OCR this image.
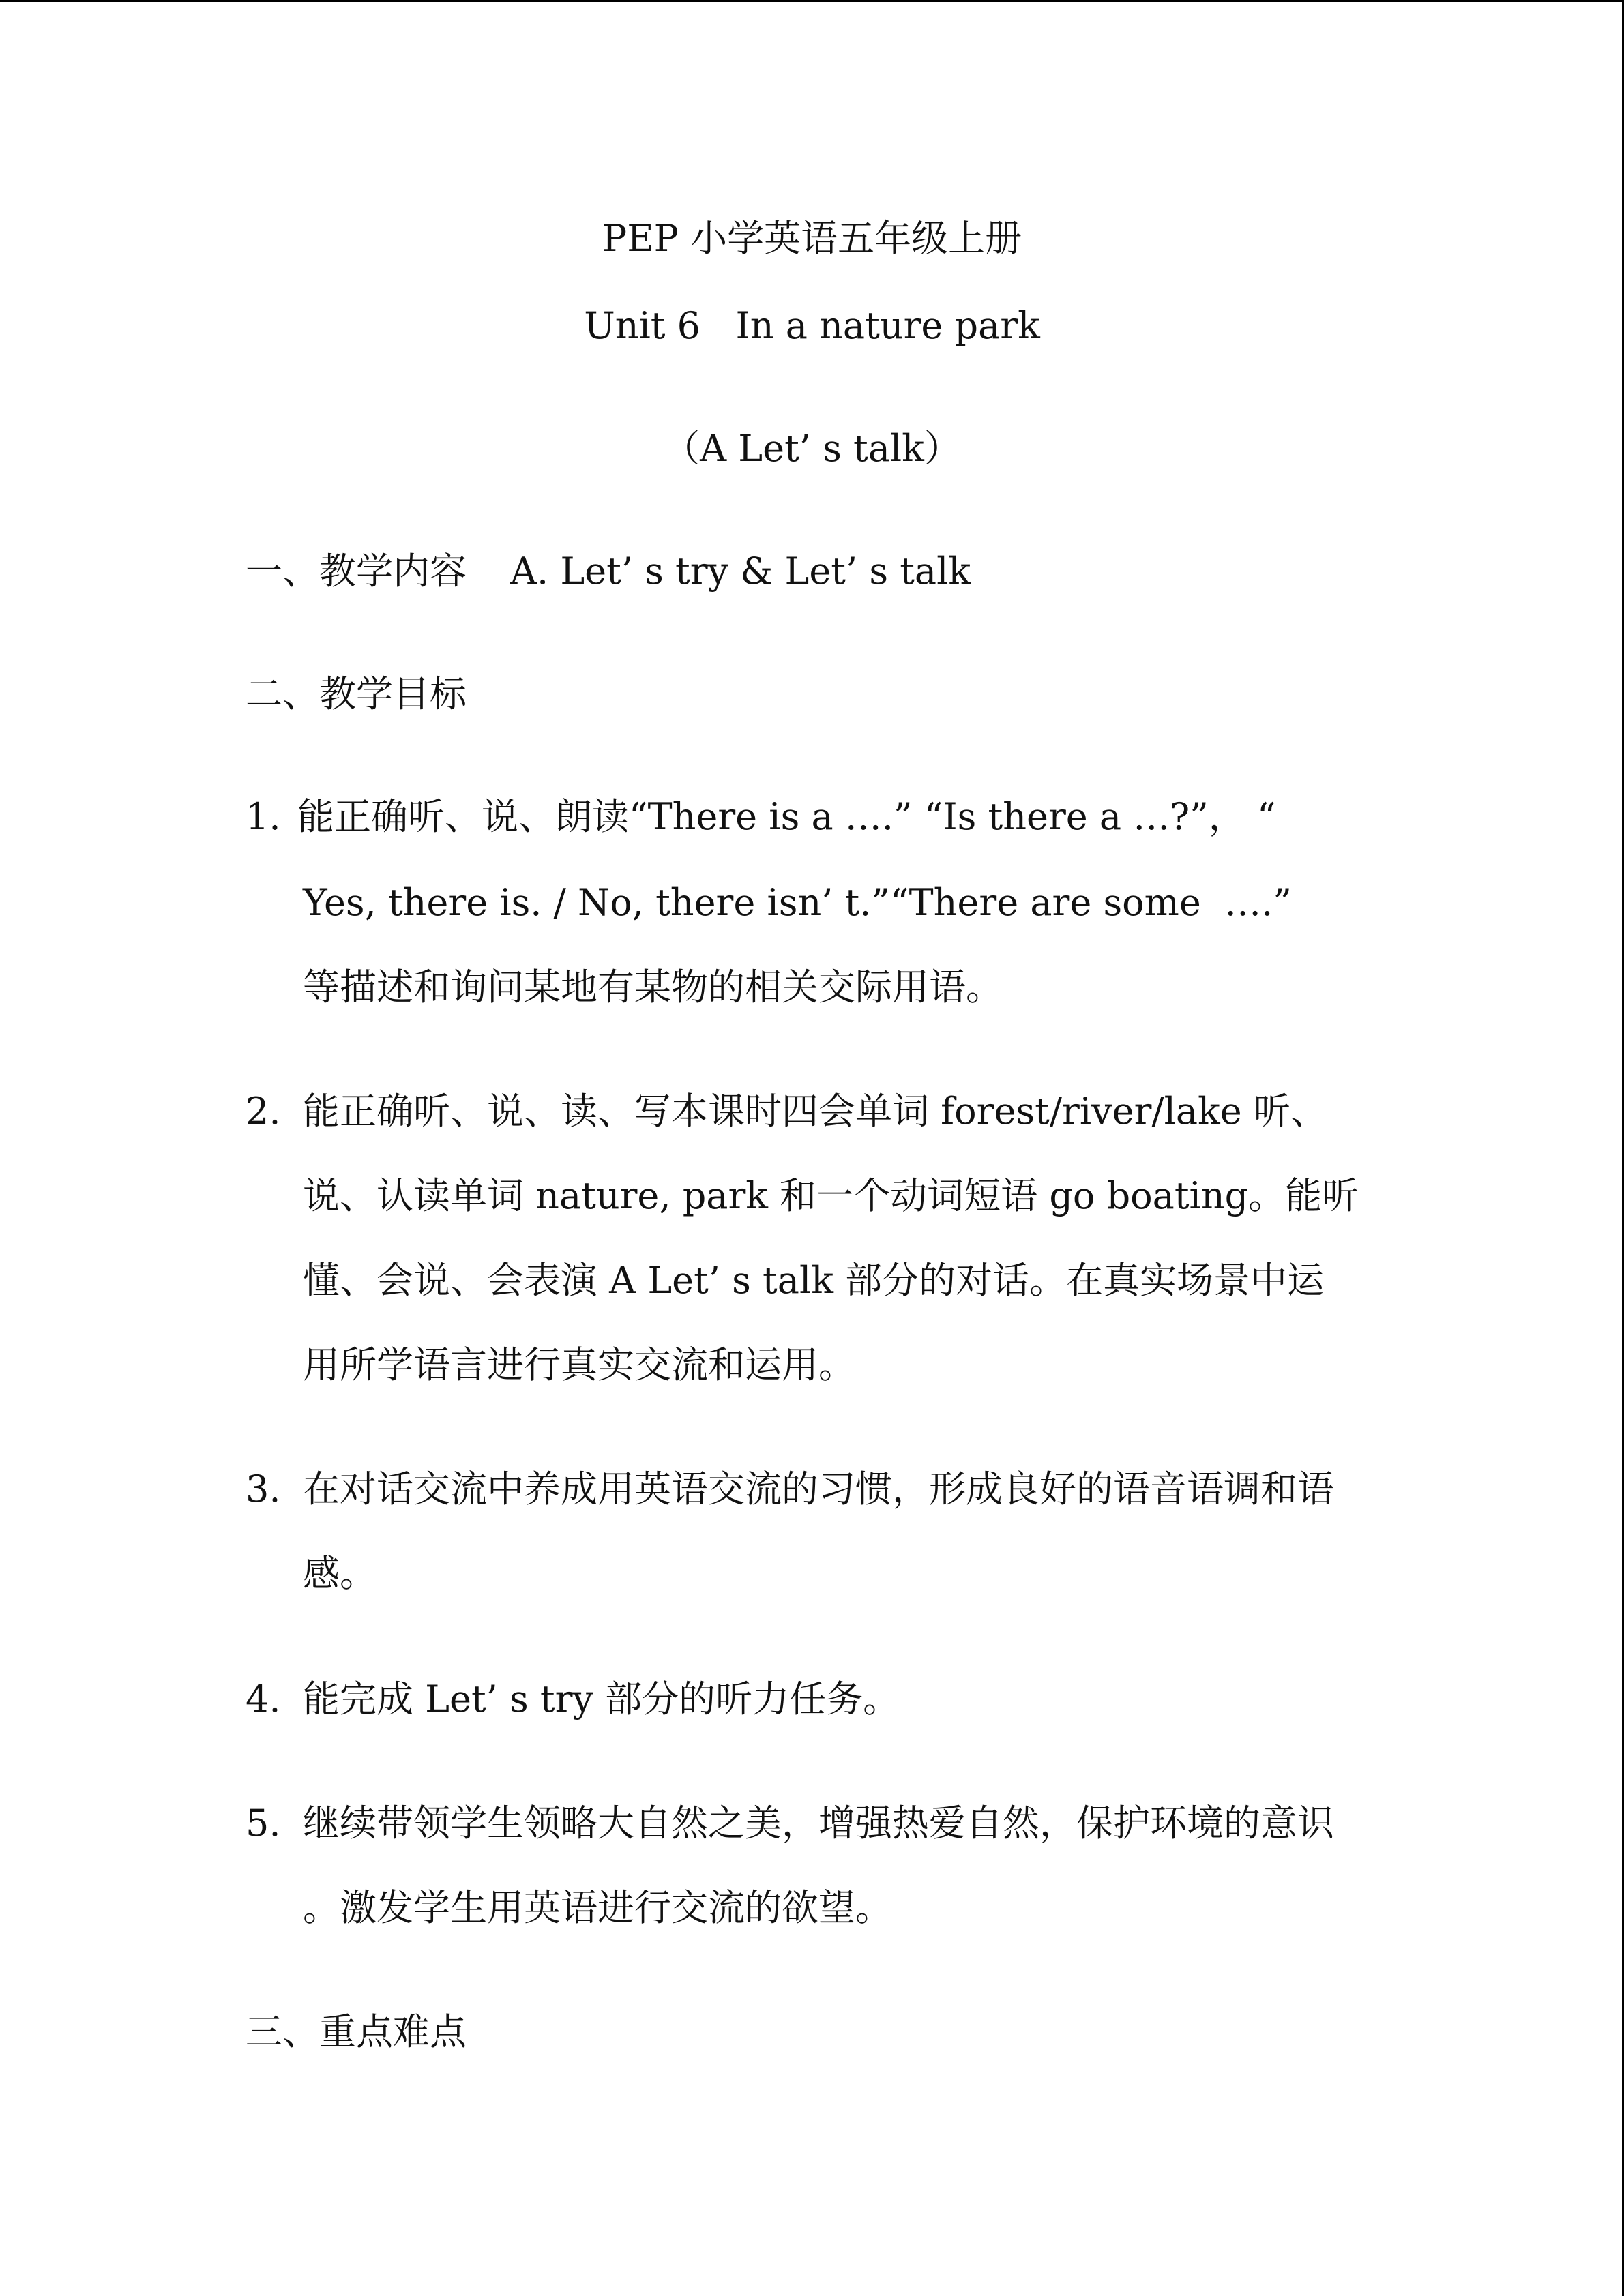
PEP 小学英语五年级上册
Unit 6   In a nature park
（A Let’ s talk）
一、教学内容 A. Let’ s try & Let’ s talk
二、教学目标
1. 能正确听、说、朗读“There is a ….” “Is there a …?”， “
Yes, there is. / No, there isn’ t.”“There are some  ….”
等描述和询问某地有某物的相关交际用语。
2. 能正确听、说、读、写本课时四会单词 forest/river/lake 听、
说、认读单词 nature, park 和一个动词短语 go boating。能听
懂、会说、会表演 A Let’ s talk 部分的对话。在真实场景中运
用所学语言进行真实交流和运用。
3. 在对话交流中养成用英语交流的习惯，形成良好的语音语调和语
感。
4. 能完成 Let’ s try 部分的听力任务。
5. 继续带领学生领略大自然之美，增强热爱自然，保护环境的意识
。激发学生用英语进行交流的欲望。
三、重点难点
